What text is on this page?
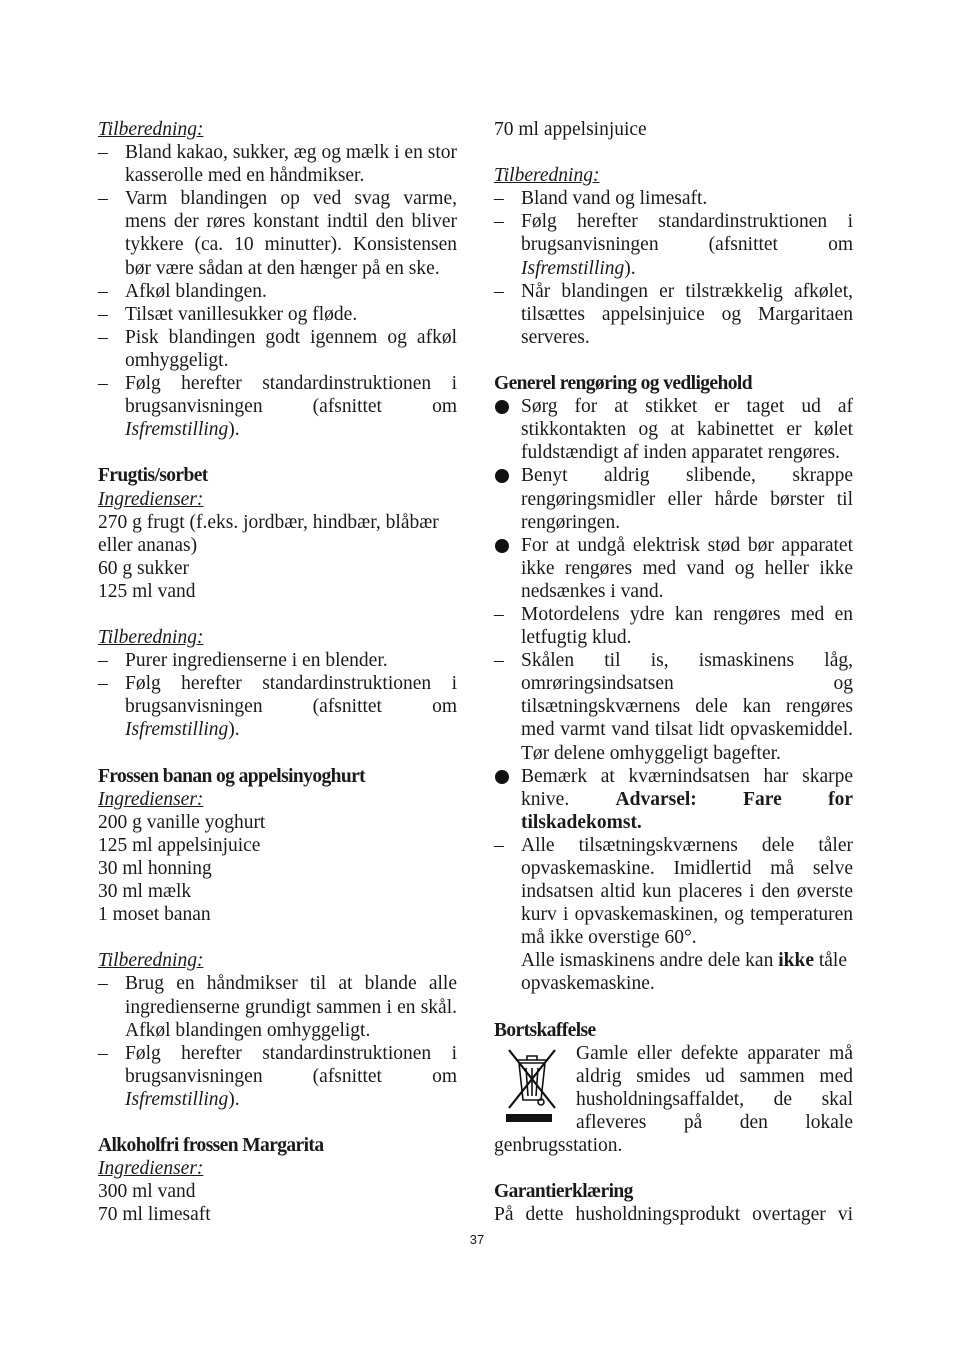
Tilberedning:
– Bland kakao, sukker, æg og mælk i en stor kasserolle med en håndmikser.
– Varm blandingen op ved svag varme, mens der røres konstant indtil den bliver tykkere (ca. 10 minutter). Konsistensen bør være sådan at den hænger på en ske.
– Afkøl blandingen.
– Tilsæt vanillesukker og fløde.
– Pisk blandingen godt igennem og afkøl omhyggeligt.
– Følg herefter standardinstruktionen i brugsanvisningen (afsnittet om Isfremstilling).
Frugtis/sorbet
Ingredienser:
270 g frugt (f.eks. jordbær, hindbær, blåbær eller ananas)
60 g sukker
125 ml vand
Tilberedning:
– Purer ingredienserne i en blender.
– Følg herefter standardinstruktionen i brugsanvisningen (afsnittet om Isfremstilling).
Frossen banan og appelsinyoghurt
Ingredienser:
200 g vanille yoghurt
125 ml appelsinjuice
30 ml honning
30 ml mælk
1 moset banan
Tilberedning:
– Brug en håndmikser til at blande alle ingredienserne grundigt sammen i en skål. Afkøl blandingen omhyggeligt.
– Følg herefter standardinstruktionen i brugsanvisningen (afsnittet om Isfremstilling).
Alkoholfri frossen Margarita
Ingredienser:
300 ml vand
70 ml limesaft
70 ml appelsinjuice
Tilberedning:
– Bland vand og limesaft.
– Følg herefter standardinstruktionen i brugsanvisningen (afsnittet om Isfremstilling).
– Når blandingen er tilstrækkelig afkølet, tilsættes appelsinjuice og Margaritaen serveres.
Generel rengøring og vedligehold
Sørg for at stikket er taget ud af stikkontakten og at kabinettet er kølet fuldstændigt af inden apparatet rengøres.
Benyt aldrig slibende, skrappe rengøringsmidler eller hårde børster til rengøringen.
For at undgå elektrisk stød bør apparatet ikke rengøres med vand og heller ikke nedsænkes i vand.
– Motordelens ydre kan rengøres med en letfugtig klud.
– Skålen til is, ismaskinens låg, omrøringsindsatsen og tilsætningskværnens dele kan rengøres med varmt vand tilsat lidt opvaskemiddel. Tør delene omhyggeligt bagefter.
Bemærk at kværnindsatsen har skarpe knive. Advarsel: Fare for tilskadekomst.
– Alle tilsætningskværnens dele tåler opvaskemaskine. Imidlertid må selve indsatsen altid kun placeres i den øverste kurv i opvaskemaskinen, og temperaturen må ikke overstige 60°.
Alle ismaskinens andre dele kan ikke tåle opvaskemaskine.
Bortskaffelse
Gamle eller defekte apparater må aldrig smides ud sammen med husholdningsaffaldet, de skal afleveres på den lokale genbrugsstation.
Garantierklæring
På dette husholdningsprodukt overtager vi
37
